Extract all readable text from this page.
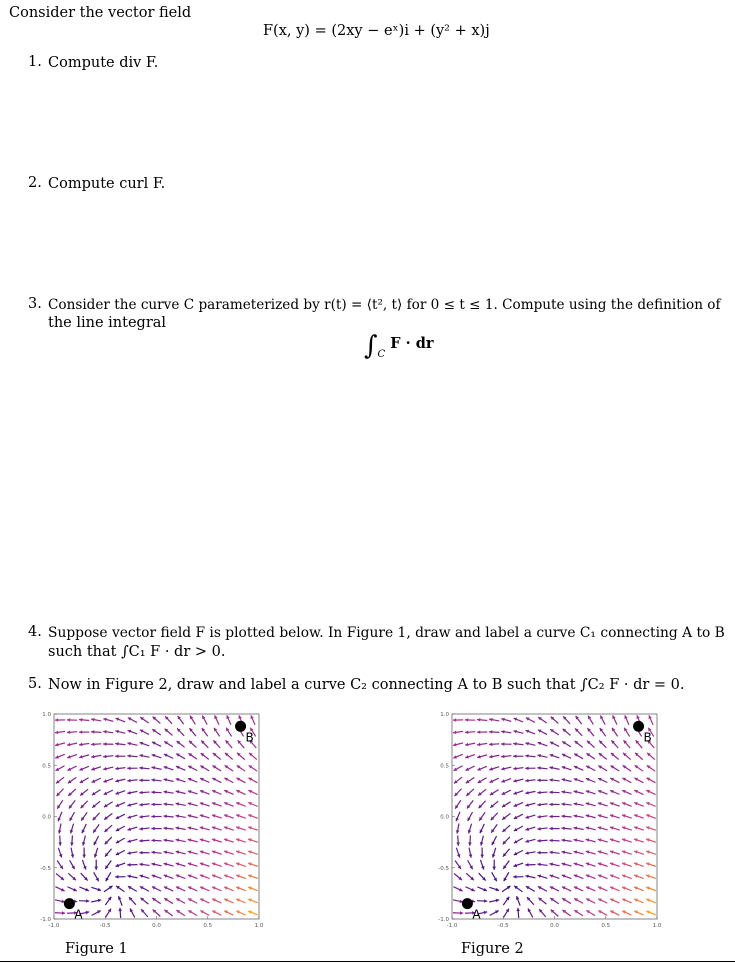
Consider the vector field
F(x, y) = (2xy − eˣ)i + (y² + x)j
1. Compute div F.
2. Compute curl F.
3. Consider the curve C parameterized by r(t) = ⟨t², t⟩ for 0 ≤ t ≤ 1. Compute using the definition of
the line integral
$\int_C$ F · dr
4. Suppose vector field F is plotted below. In Figure 1, draw and label a curve C₁ connecting A to B
such that ∫C₁ F · dr > 0.
5. Now in Figure 2, draw and label a curve C₂ connecting A to B such that ∫C₂ F · dr = 0.
1.0
0.5
0.0
-0.5
-1.0
-1.0	-0.5	0.0	0.5	1.0
A
B
1.0
0.5
0.0
-0.5
-1.0
-1.0	-0.5	0.0	0.5	1.0
A
B
Figure 1	Figure 2
